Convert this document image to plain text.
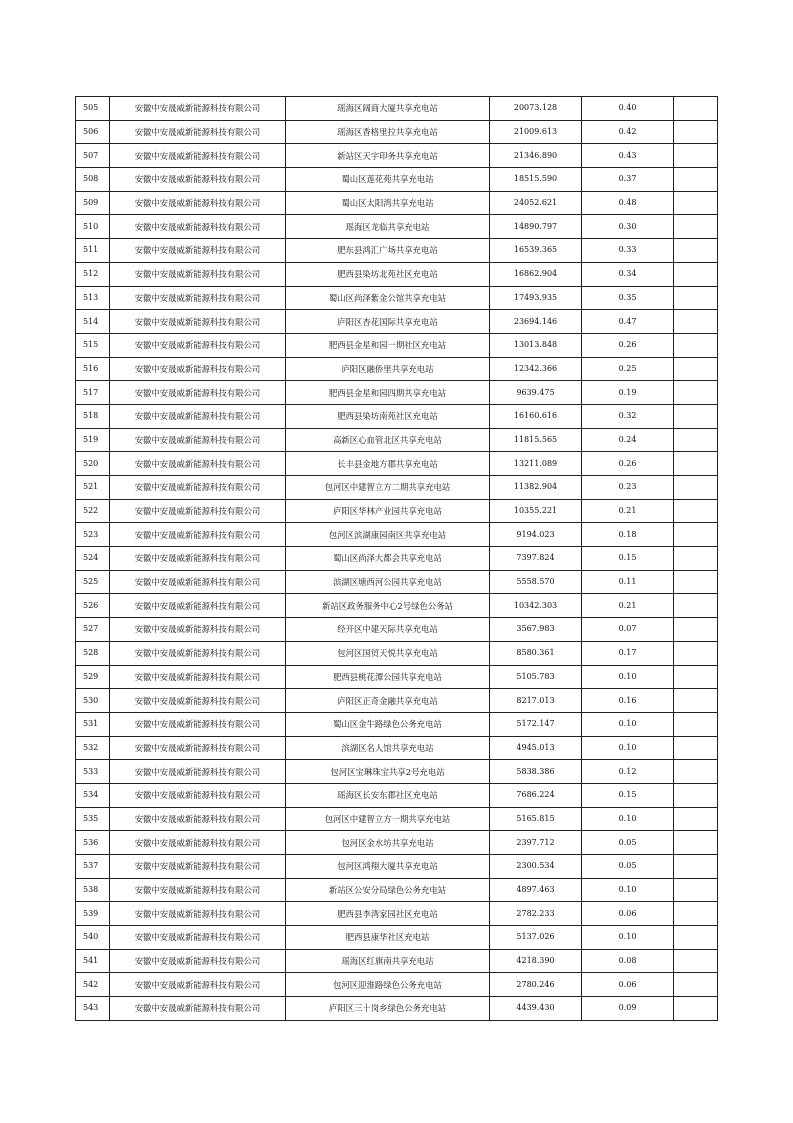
505	安徽中安晟威新能源科技有限公司	瑶海区阔商大厦共享充电站	20073.128	0.40	
506	安徽中安晟威新能源科技有限公司	瑶海区香格里拉共享充电站	21009.613	0.42	
507	安徽中安晟威新能源科技有限公司	新站区天宇印务共享充电站	21346.890	0.43	
508	安徽中安晟威新能源科技有限公司	蜀山区莲花苑共享充电站	18515.590	0.37	
509	安徽中安晟威新能源科技有限公司	蜀山区太阳湾共享充电站	24052.621	0.48	
510	安徽中安晟威新能源科技有限公司	瑶海区龙临共享充电站	14890.797	0.30	
511	安徽中安晟威新能源科技有限公司	肥东县鸿汇广场共享充电站	16539.365	0.33	
512	安徽中安晟威新能源科技有限公司	肥西县染坊北苑社区充电站	16862.904	0.34	
513	安徽中安晟威新能源科技有限公司	蜀山区尚泽紫金公馆共享充电站	17493.935	0.35	
514	安徽中安晟威新能源科技有限公司	庐阳区杏花国际共享充电站	23694.146	0.47	
515	安徽中安晟威新能源科技有限公司	肥西县金星和园一期社区充电站	13013.848	0.26	
516	安徽中安晟威新能源科技有限公司	庐阳区融侨里共享充电站	12342.366	0.25	
517	安徽中安晟威新能源科技有限公司	肥西县金星和园四期共享充电站	9639.475	0.19	
518	安徽中安晟威新能源科技有限公司	肥西县染坊南苑社区充电站	16160.616	0.32	
519	安徽中安晟威新能源科技有限公司	高新区心血管北区共享充电站	11815.565	0.24	
520	安徽中安晟威新能源科技有限公司	长丰县金地方郡共享充电站	13211.089	0.26	
521	安徽中安晟威新能源科技有限公司	包河区中建智立方二期共享充电站	11382.904	0.23	
522	安徽中安晟威新能源科技有限公司	庐阳区华林产业园共享充电站	10355.221	0.21	
523	安徽中安晟威新能源科技有限公司	包河区滨湖康园南区共享充电站	9194.023	0.18	
524	安徽中安晟威新能源科技有限公司	蜀山区尚泽大都会共享充电站	7397.824	0.15	
525	安徽中安晟威新能源科技有限公司	滨湖区塘西河公园共享充电站	5558.570	0.11	
526	安徽中安晟威新能源科技有限公司	新站区政务服务中心2号绿色公务站	10342.303	0.21	
527	安徽中安晟威新能源科技有限公司	经开区中建天际共享充电站	3567.983	0.07	
528	安徽中安晟威新能源科技有限公司	包河区国贸天悦共享充电站	8580.361	0.17	
529	安徽中安晟威新能源科技有限公司	肥西县桃花潭公园共享充电站	5105.783	0.10	
530	安徽中安晟威新能源科技有限公司	庐阳区正奇金融共享充电站	8217.013	0.16	
531	安徽中安晟威新能源科技有限公司	蜀山区金牛路绿色公务充电站	5172.147	0.10	
532	安徽中安晟威新能源科技有限公司	滨湖区名人馆共享充电站	4945.013	0.10	
533	安徽中安晟威新能源科技有限公司	包河区宝琳珠宝共享2号充电站	5838.386	0.12	
534	安徽中安晟威新能源科技有限公司	瑶海区长安东郡社区充电站	7686.224	0.15	
535	安徽中安晟威新能源科技有限公司	包河区中建智立方一期共享充电站	5165.815	0.10	
536	安徽中安晟威新能源科技有限公司	包河区金水坊共享充电站	2397.712	0.05	
537	安徽中安晟威新能源科技有限公司	包河区鸿翔大厦共享充电站	2300.534	0.05	
538	安徽中安晟威新能源科技有限公司	新站区公安分局绿色公务充电站	4897.463	0.10	
539	安徽中安晟威新能源科技有限公司	肥西县李湾家园社区充电站	2782.233	0.06	
540	安徽中安晟威新能源科技有限公司	肥西县康华社区充电站	5137.026	0.10	
541	安徽中安晟威新能源科技有限公司	瑶海区红旗南共享充电站	4218.390	0.08	
542	安徽中安晟威新能源科技有限公司	包河区迎淮路绿色公务充电站	2780.246	0.06	
543	安徽中安晟威新能源科技有限公司	庐阳区三十岗乡绿色公务充电站	4439.430	0.09	
